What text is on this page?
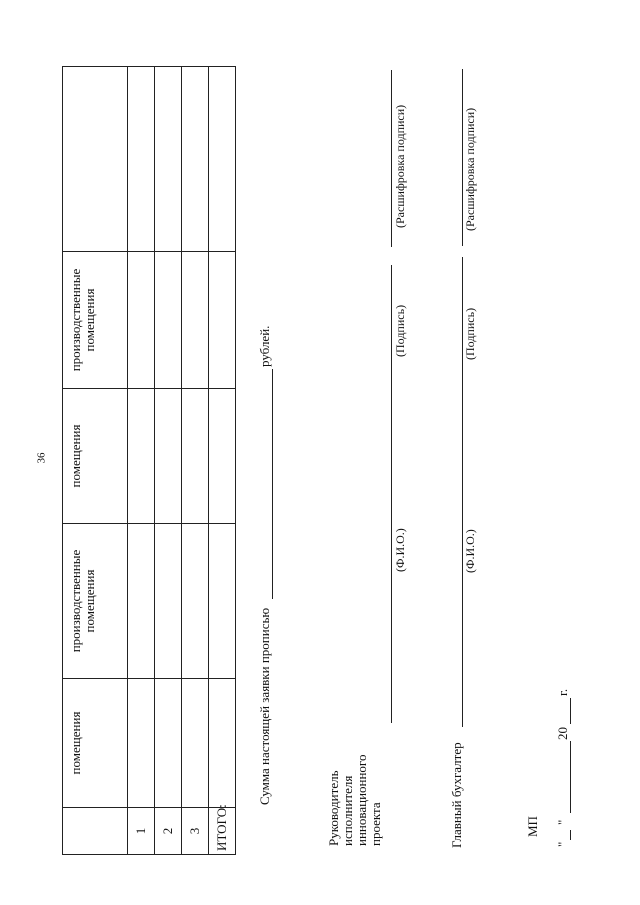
36
	помещения	производственные помещения	помещения	производственные помещения	
1					
2					
3					
ИТОГО:					
Сумма настоящей заявки прописью
рублей.
Руководитель исполнителя инновационного проекта
(Ф.И.О.)
(Подпись)
(Расшифровка подписи)
Главный бухгалтер
(Ф.И.О.)
(Подпись)
(Расшифровка подписи)
МП
"
"
20
г.
